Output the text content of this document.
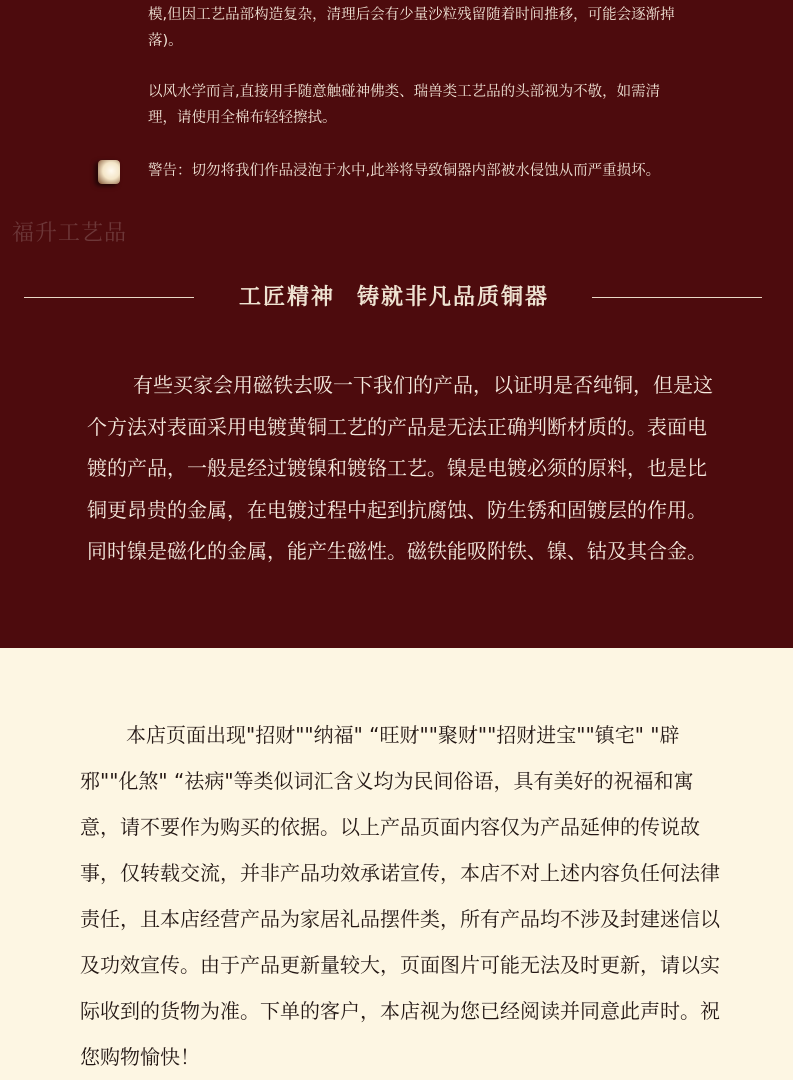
模,但因工艺品部构造复杂，清理后会有少量沙粒残留随着时间推移，可能会逐渐掉落)。

以风水学而言,直接用手随意触碰神佛类、瑞兽类工艺品的头部视为不敬，如需清理，请使用全棉布轻轻擦拭。

警告：切勿将我们作品浸泡于水中,此举将导致铜器内部被水侵蚀从而严重损坏。

福升工艺品
工匠精神 铸就非凡品质铜器

有些买家会用磁铁去吸一下我们的产品，以证明是否纯铜，但是这个方法对表面采用电镀黄铜工艺的产品是无法正确判断材质的。表面电镀的产品，一般是经过镀镍和镀铬工艺。镍是电镀必须的原料，也是比铜更昂贵的金属，在电镀过程中起到抗腐蚀、防生锈和固镀层的作用。同时镍是磁化的金属，能产生磁性。磁铁能吸附铁、镍、钴及其合金。

本店页面出现"招财""纳福" “旺财""聚财""招财进宝""镇宅" "辟邪""化煞" “祛病"等类似词汇含义均为民间俗语，具有美好的祝福和寓意，请不要作为购买的依据。以上产品页面内容仅为产品延伸的传说故事，仅转载交流，并非产品功效承诺宣传，本店不对上述内容负任何法律责任，且本店经营产品为家居礼品摆件类，所有产品均不涉及封建迷信以及功效宣传。由于产品更新量较大，页面图片可能无法及时更新，请以实际收到的货物为准。下单的客户，本店视为您已经阅读并同意此声时。祝您购物愉快！
